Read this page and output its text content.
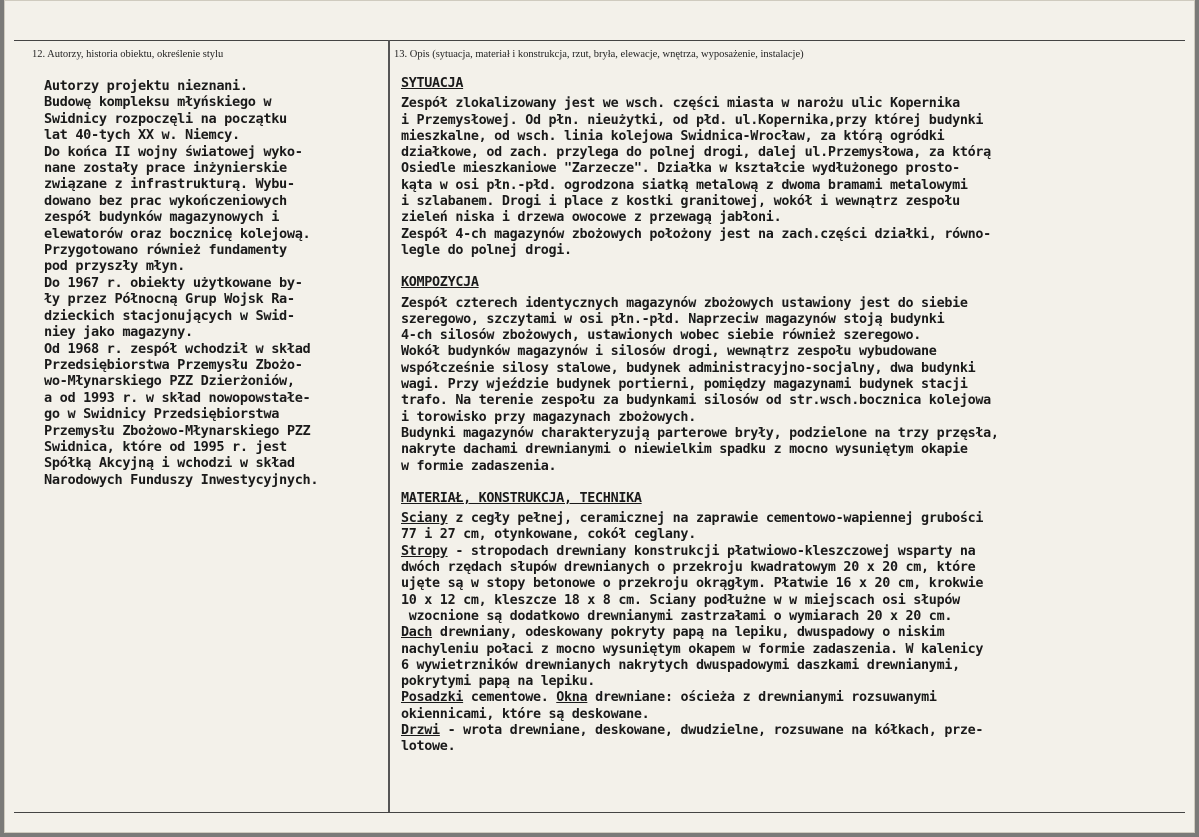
12. Autorzy, historia obiektu, określenie stylu	13. Opis (sytuacja, materiał i konstrukcja, rzut, bryła, elewacje, wnętrza, wyposażenie, instalacje)
Autorzy projektu nieznani.
Budowę kompleksu młyńskiego w
Swidnicy rozpoczęli na początku
lat 40-tych XX w. Niemcy.
Do końca II wojny światowej wyko-
nane zostały prace inżynierskie
związane z infrastrukturą. Wybu-
dowano bez prac wykończeniowych
zespół budynków magazynowych i
elewatorów oraz bocznicę kolejową.
Przygotowano również fundamenty
pod przyszły młyn.
Do 1967 r. obiekty użytkowane by-
ły przez Północną Grup Wojsk Ra-
dzieckich stacjonujących w Swid-
niey jako magazyny.
Od 1968 r. zespół wchodził w skład
Przedsiębiorstwa Przemysłu Zbożo-
wo-Młynarskiego PZZ Dzierżoniów,
a od 1993 r. w skład nowopowstałe-
go w Swidnicy Przedsiębiorstwa
Przemysłu Zbożowo-Młynarskiego PZZ
Swidnica, które od 1995 r. jest
Spółką Akcyjną i wchodzi w skład
Narodowych Funduszy Inwestycyjnych.
SYTUACJA
Zespół zlokalizowany jest we wsch. części miasta w narożu ulic Kopernika
i Przemysłowej. Od płn. nieużytki, od płd. ul.Kopernika,przy której budynki
mieszkalne, od wsch. linia kolejowa Swidnica-Wrocław, za którą ogródki
działkowe, od zach. przylega do polnej drogi, dalej ul.Przemysłowa, za którą
Osiedle mieszkaniowe "Zarzecze". Działka w kształcie wydłużonego prosto-
kąta w osi płn.-płd. ogrodzona siatką metalową z dwoma bramami metalowymi
i szlabanem. Drogi i place z kostki granitowej, wokół i wewnątrz zespołu
zieleń niska i drzewa owocowe z przewagą jabłoni.
Zespół 4-ch magazynów zbożowych położony jest na zach.części działki, równo-
legle do polnej drogi.
KOMPOZYCJA
Zespół czterech identycznych magazynów zbożowych ustawiony jest do siebie
szeregowo, szczytami w osi płn.-płd. Naprzeciw magazynów stoją budynki
4-ch silosów zbożowych, ustawionych wobec siebie również szeregowo.
Wokół budynków magazynów i silosów drogi, wewnątrz zespołu wybudowane
współcześnie silosy stalowe, budynek administracyjno-socjalny, dwa budynki
wagi. Przy wjeździe budynek portierni, pomiędzy magazynami budynek stacji
trafo. Na terenie zespołu za budynkami silosów od str.wsch.bocznica kolejowa
i torowisko przy magazynach zbożowych.
Budynki magazynów charakteryzują parterowe bryły, podzielone na trzy przęsła,
nakryte dachami drewnianymi o niewielkim spadku z mocno wysuniętym okapie
w formie zadaszenia.
MATERIAŁ, KONSTRUKCJA, TECHNIKA
Sciany z cegły pełnej, ceramicznej na zaprawie cementowo-wapiennej grubości
77 i 27 cm, otynkowane, cokół ceglany.
Stropy - stropodach drewniany konstrukcji płatwiowo-kleszczowej wsparty na
dwóch rzędach słupów drewnianych o przekroju kwadratowym 20 x 20 cm, które
ujęte są w stopy betonowe o przekroju okrągłym. Płatwie 16 x 20 cm, krokwie
10 x 12 cm, kleszcze 18 x 8 cm. Sciany podłużne w w miejscach osi słupów
wzocnione są dodatkowo drewnianymi zastrzałami o wymiarach 20 x 20 cm.
Dach drewniany, odeskowany pokryty papą na lepiku, dwuspadowy o niskim
nachyleniu połaci z mocno wysuniętym okapem w formie zadaszenia. W kalenicy
6 wywietrzników drewnianych nakrytych dwuspadowymi daszkami drewnianymi,
pokrytymi papą na lepiku.
Posadzki cementowe. Okna drewniane: ościeża z drewnianymi rozsuwanymi
okiennicami, które są deskowane.
Drzwi - wrota drewniane, deskowane, dwudzielne, rozsuwane na kółkach, prze-
lotowe.
